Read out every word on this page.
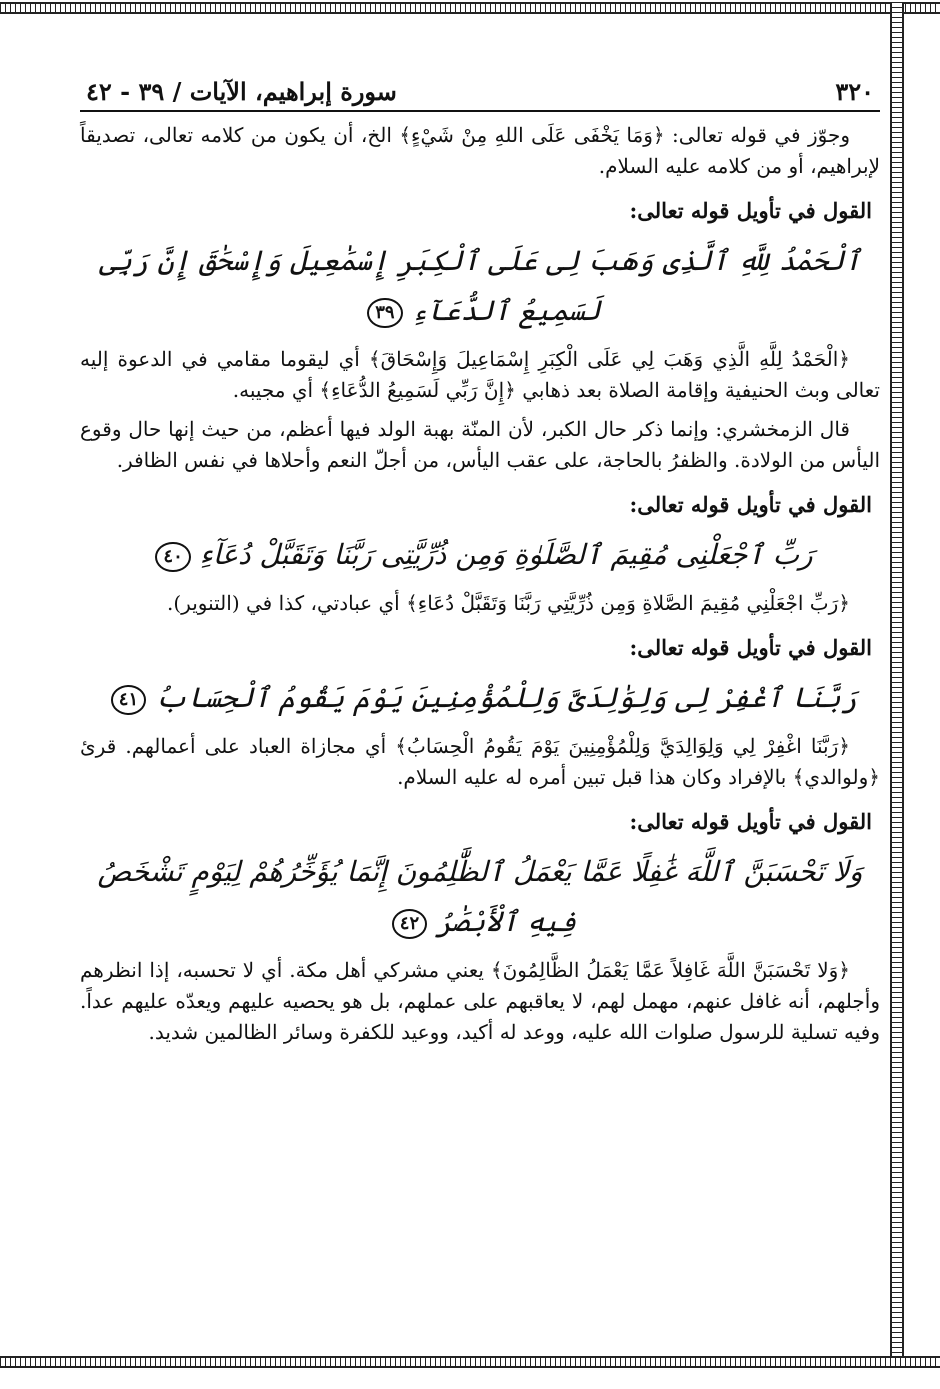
٣٢٠
سورة إبراهيم، الآيات / ٣٩ - ٤٢

وجوّز في قوله تعالى: ﴿وَمَا يَخْفَى عَلَى اللهِ مِنْ شَيْءٍ﴾ الخ، أن يكون من كلامه تعالى، تصديقاً لإبراهيم، أو من كلامه عليه السلام.

القول في تأويل قوله تعالى:
ٱلْحَمْدُ لِلَّهِ ٱلَّذِى وَهَبَ لِى عَلَى ٱلْكِبَرِ إِسْمَٰعِيلَ وَإِسْحَٰقَ إِنَّ رَبِّى لَسَمِيعُ ٱلدُّعَآءِ ٣٩

﴿الْحَمْدُ لِلَّهِ الَّذِي وَهَبَ لِي عَلَى الْكِبَرِ إِسْمَاعِيلَ وَإِسْحَاقَ﴾ أي ليقوما مقامي في الدعوة إليه تعالى وبث الحنيفية وإقامة الصلاة بعد ذهابي ﴿إِنَّ رَبِّي لَسَمِيعُ الدُّعَاءِ﴾ أي مجيبه.

قال الزمخشري: وإنما ذكر حال الكبر، لأن المنّة بهبة الولد فيها أعظم، من حيث إنها حال وقوع اليأس من الولادة. والظفرُ بالحاجة، على عقب اليأس، من أجلّ النعم وأحلاها في نفس الظافر.

القول في تأويل قوله تعالى:
رَبِّ ٱجْعَلْنِى مُقِيمَ ٱلصَّلَوٰةِ وَمِن ذُرِّيَّتِى رَبَّنَا وَتَقَبَّلْ دُعَآءِ ٤٠

﴿رَبِّ اجْعَلْنِي مُقِيمَ الصَّلاةِ وَمِن ذُرِّيَّتِي رَبَّنَا وَتَقَبَّلْ دُعَاءِ﴾ أي عبادتي، كذا في (التنوير).

القول في تأويل قوله تعالى:
رَبَّنَا ٱغْفِرْ لِى وَلِوَٰلِدَىَّ وَلِلْمُؤْمِنِينَ يَوْمَ يَقُومُ ٱلْحِسَابُ ٤١

﴿رَبَّنَا اغْفِرْ لِي وَلِوَالِدَيَّ وَلِلْمُؤْمِنِينَ يَوْمَ يَقُومُ الْحِسَابُ﴾ أي مجازاة العباد على أعمالهم. قرئ ﴿ولوالدي﴾ بالإفراد وكان هذا قبل تبين أمره له عليه السلام.

القول في تأويل قوله تعالى:
وَلَا تَحْسَبَنَّ ٱللَّهَ غَٰفِلًا عَمَّا يَعْمَلُ ٱلظَّٰلِمُونَ إِنَّمَا يُؤَخِّرُهُمْ لِيَوْمٍ تَشْخَصُ
فِيهِ ٱلْأَبْصَٰرُ ٤٢

﴿وَلا تَحْسَبَنَّ اللَّهَ غَافِلاً عَمَّا يَعْمَلُ الظَّالِمُونَ﴾ يعني مشركي أهل مكة. أي لا تحسبه، إذا انظرهم وأجلهم، أنه غافل عنهم، مهمل لهم، لا يعاقبهم على عملهم، بل هو يحصيه عليهم ويعدّه عليهم عداً. وفيه تسلية للرسول صلوات الله عليه، ووعد له أكيد، ووعيد للكفرة وسائر الظالمين شديد.
